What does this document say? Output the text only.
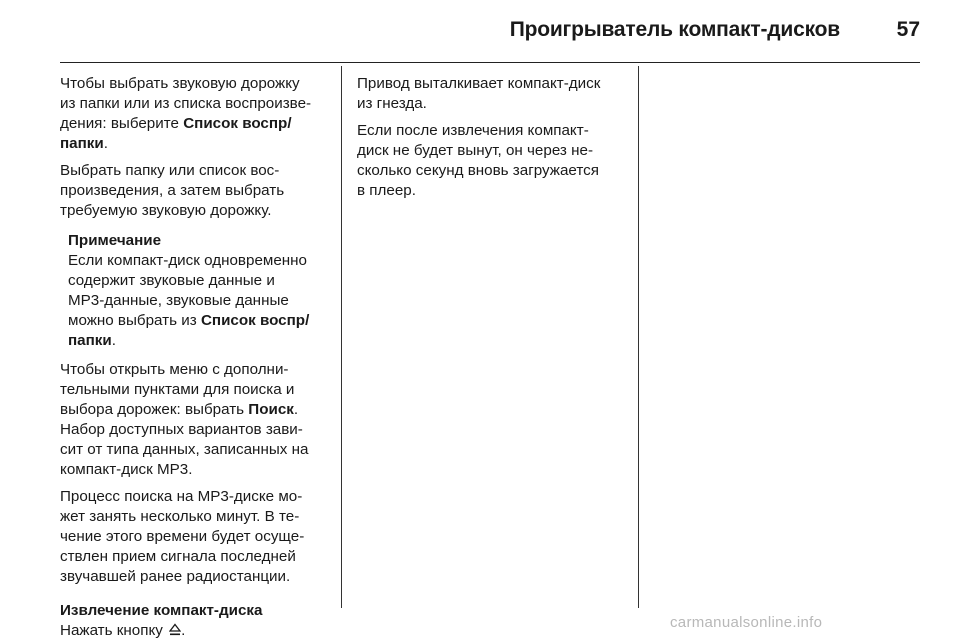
Проигрыватель компакт-дисков	57

Чтобы выбрать звуковую дорожку
из папки или из списка воспроизве-
дения: выберите Список воспр/
папки.

Выбрать папку или список вос-
произведения, а затем выбрать
требуемую звуковую дорожку.

Примечание
Если компакт-диск одновременно
содержит звуковые данные и
MP3-данные, звуковые данные
можно выбрать из Список воспр/
папки.

Чтобы открыть меню с дополни-
тельными пунктами для поиска и
выбора дорожек: выбрать Поиск.
Набор доступных вариантов зави-
сит от типа данных, записанных на
компакт-диск MP3.

Процесс поиска на MP3-диске мо-
жет занять несколько минут. В те-
чение этого времени будет осуще-
ствлен прием сигнала последней
звучавшей ранее радиостанции.

Извлечение компакт-диска
Нажать кнопку .

Привод выталкивает компакт-диск
из гнезда.

Если после извлечения компакт-
диск не будет вынут, он через не-
сколько секунд вновь загружается
в плеер.

carmanualsonline.info
